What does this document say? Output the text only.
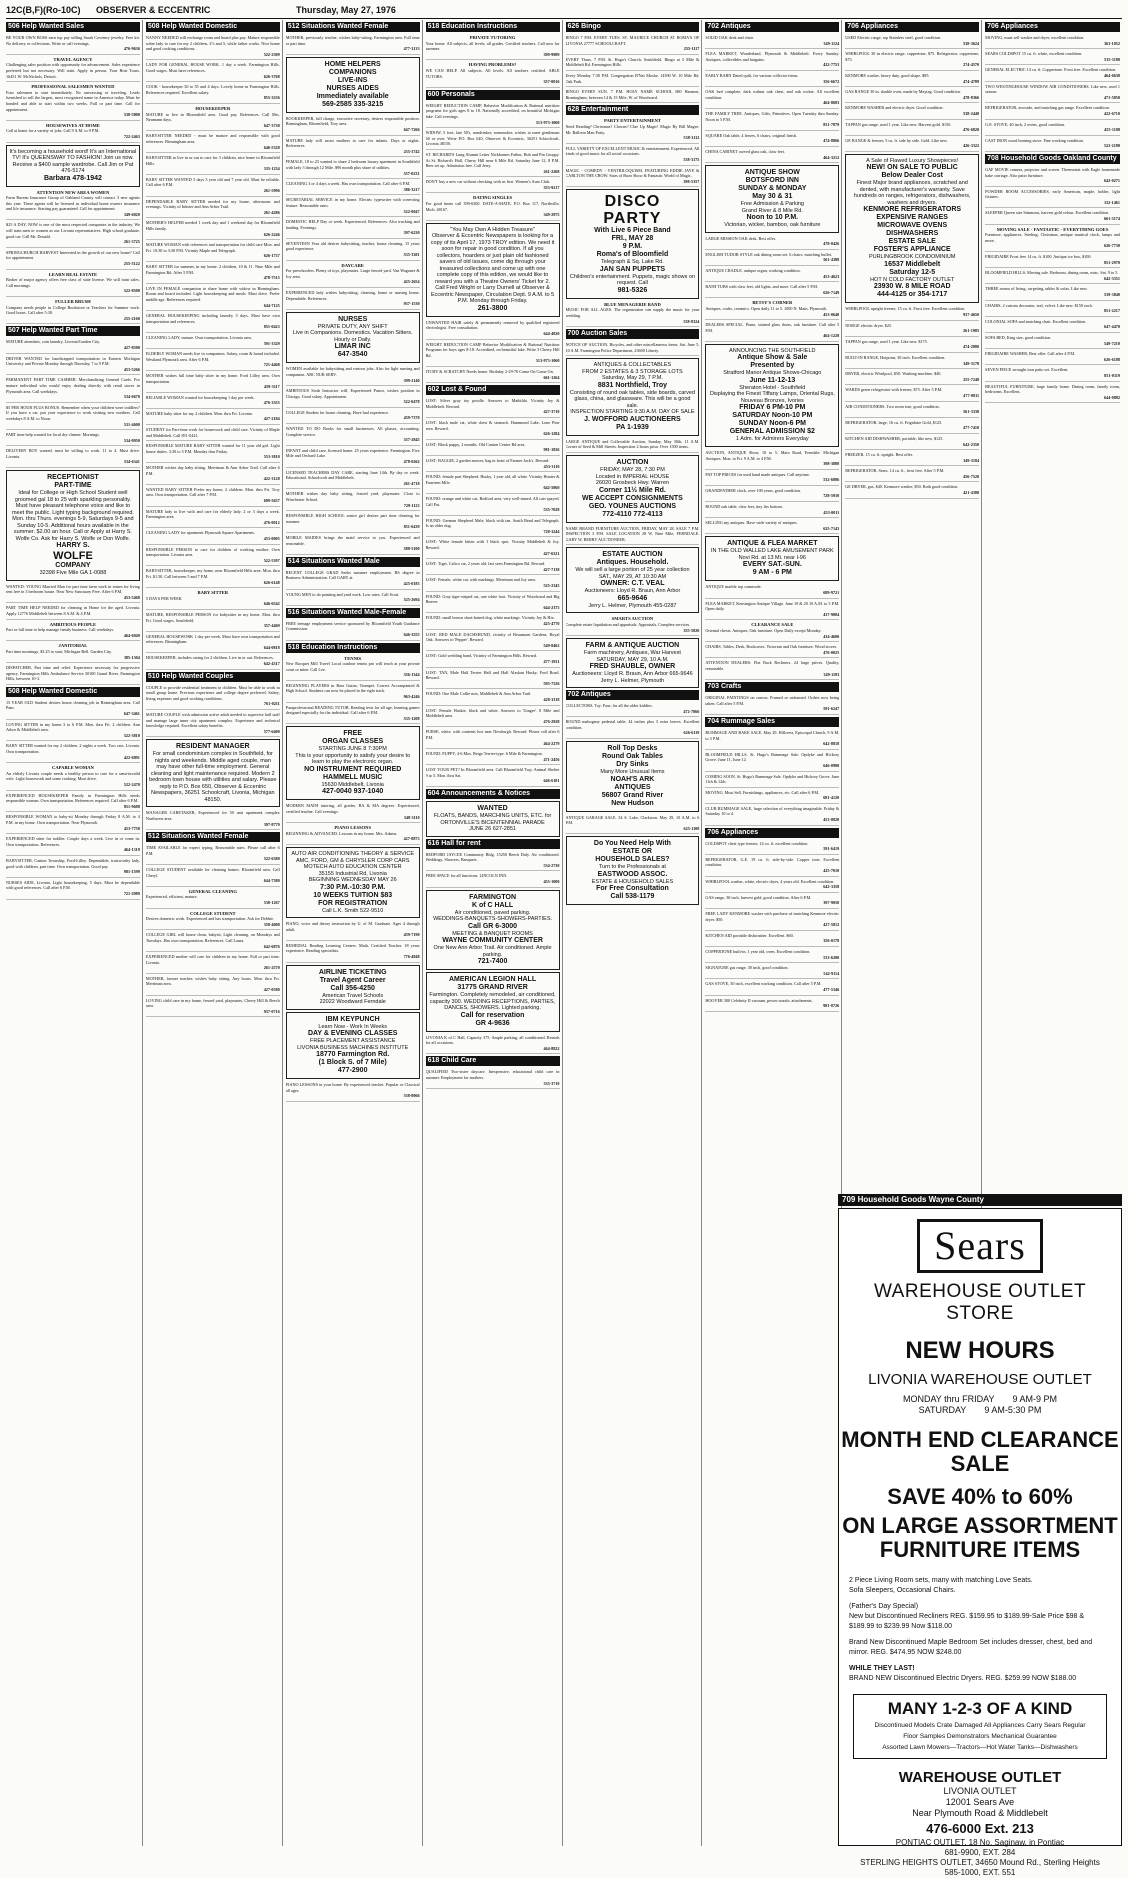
12C(B,F)(Ro-10C) OBSERVER & ECCENTRIC	Thursday, May 27, 1976
506 Help Wanted Sales
BE YOUR OWN BOSS earn top pay selling Sarah Coventry jewelry. Free kit. No delivery or collections. Write or call evenings.
476-9636
TRAVEL AGENCY
Challenging sales position with opportunity for advancement. Sales experience preferred but not necessary. Will train. Apply in person, Your Host Tours, 16451 W. McNichols, Detroit.
PROFESSIONAL SALESMEN WANTED
Four salesmen to start immediately. No canvassing or traveling. Leads furnished to sell the largest, most recognized name in America today. Must be bonded and able to start within two weeks. Full or part time. Call for appointment.
538-5800
HOUSEWIVES AT HOME
Call at home for a variety of jobs. Call 9 A.M. to 9 P.M.
722-2463
It's becoming a household word! It's an International TV! It's QUEENSWAY TO FASHION! Join us now. Receive a $400 sample wardrobe. Call Jim or Pat 476-5174
Barbara 478-1942
ATTENTION NEW AREA WOMEN
Farm Bureau Insurance Group of Oakland County will contact 3 new agents this year. These agents will be licensed as individual home owners insurance and life insurance. Starting pay guaranteed. Call for appointment.
349-6020
$25 A DAY, NOW is one of the most respected companies in the industry. We will train men or women as our Livonia representatives. High school graduate, good car. Call Mr. Donald.
261-3725
SPRINGCHURCH HARVEST Interested in the growth of our new home? Call for appointment.
255-5122
LEARN REAL ESTATE
Broker of major agency offers free class of state license. We will train sales. Call mornings.
522-8500
FULLER BRUSH
Company needs people in College Bookstore or Teachers for Summer work. Good hours. Call after 5:30.
255-2160
507 Help Wanted Part Time
MATURE attendant, coin laundry, Livonia/Garden City.
427-8580
DRIVER WANTED for handicapped transportation in Eastern Michigan University and Private Monday through Thursday, 7 to 9 P.M.
453-5266
PERMANENT PART TIME CASHIER. Merchandising General Cards. For mature individual who would enjoy dealing directly with retail stores in Plymouth area. Call weekdays.
534-6670
$5 PER HOUR PLUS BONUS. Remember when your children were toddlers? If you have a car, put your experience to work visiting new mothers. Call weekdays 8 A.M. to Noon.
531-4600
PART time help wanted for local dry cleaner. Mornings.
534-0950
DELIVERY BOY wanted, must be willing to work. 11 to 4. Must drive. Livonia.
534-6341
RECEPTIONIST
PART-TIME
Ideal for College or High School Student well groomed gal 18 to 25 with sparkling personality. Must have pleasant telephone voice and like to meet the public. Light typing background required. Mon. thru Thurs. evenings 5-9, Saturdays 9-5 and Sunday 10-5. Additional hours available in the summer. $2.00 an hour. Call or Apply at Harry S. Wolfe Co. Ask for Harry S. Wolfe or Don Wolfe.
HARRY S.
WOLFE
COMPANY
32398 Five Mile GA 1-0088
WANTED: YOUNG Married Man for part time farm work in return for living rent free in 3 bedroom house. Near New Sanctuary Free. After 6 P.M.
453-5468
PART TIME HELP NEEDED for cleaning in Home for the aged. Livonia. Apply 12776 Middlebelt between 8 A.M. & 4 P.M.
AMBITIOUS PEOPLE
Part or full time to help manage family business. Call weekdays.
464-6949
JANITORIAL
Part time mornings, $3.25 to start, Michigan Bell. Garden City.
385-1304
DISPATCHER, Part time and relief. Experience necessary for progressive agency. Farmington Hills Ambulance Service 30100 Grand River, Farmington Hills, between 10-3.
508 Help Wanted Domestic
15 YEAR OLD Student desires house cleaning job in Birmingham area. Call Pam.
647-3461
LOVING SITTER in my home 3 to 6 P.M. Mon. thru Fri. 2 children. Ann Arbor & Middlebelt area.
522-3810
BABY SITTER wanted for my 2 children. 2 nights a week. Two cars. Livonia. Own transportation.
422-6891
CAPABLE WOMAN
An elderly Livonia couple needs a healthy person to care for a semi-invalid wife. Light housework and some cooking. Must drive.
522-2470
EXPERIENCED HOUSEKEEPER Family in Farmington Hills needs responsible woman. Own transportation. References required. Call after 6 P.M.
851-9688
RESPONSIBLE WOMAN to baby-sit Monday through Friday 8 A.M. to 4 P.M. in my home. Own transportation. Near Plymouth.
453-7750
EXPERIENCED sitter for toddler. Couple days a week. Live in or come in. Own transportation. References.
464-1319
BABYSITTER, Canton Township, Ford-Lilley. Dependable, trustworthy lady, good with children, part time. Own transportation. Good pay.
981-1599
NURSES AIDE, Livonia. Light housekeeping, 5 days. Must be dependable with good references. Call after 6 P.M.
721-2989
508 Help Wanted Domestic
NANNY NEEDED will exchange room and board plus pay. Mature responsible sober lady to care for my 2 children, 2½ and 5, while father works. Nice home and good cooking conditions.
522-2309
LADY FOR GENERAL HOUSE WORK. 1 day a week. Farmington Hills. Good wages. Must have references.
626-3768
COOK - housekeeper 30 to 55 and 4 days. Lovely home in Farmington Hills. References required. Excellent salary.
855-3236
HOUSEKEEPER
MATURE to live in Bloomfield area. Good pay. References. Call Mrs. Neumann days.
647-3730
BABYSITTER NEEDED - must be mature and responsible with good references. Birmingham area.
646-5328
BABYSITTER to live in or out to care for 3 children, nice home in Bloomfield Hills.
335-1234
BABY SITTER WANTED 3 days 3 year old and 7 year old. Must be reliable. Call after 6 P.M.
261-5996
DEPENDABLE BABY SITTER needed for my home, afternoons and evenings. Vicinity of Inkster and Ann Arbor Trail.
261-4286
MOTHER'S HELPER needed 1 week day and 1 weekend day for Bloomfield Hills family.
626-2246
MATURE WOMAN with references and transportation for child care Mon. and Fri. 10:30 to 3:30 P.M. Vicinity Maple and Telegraph.
626-1737
BABY SITTER for summer, in my home. 2 children, 10 & 11. Nine Mile and Farmington Rd. After 5 P.M.
478-7515
LIVE IN FEMALE companion to share home with widow in Birmingham. Room and board included. Light housekeeping and meals. Must drive. Prefer middle age. References required.
644-7125
GENERAL HOUSEKEEPING including laundry 3 days. Must have own transportation and references.
851-0423
CLEANING LADY, mature. Own transportation. Livonia area.
591-3329
ELDERLY WOMAN needs live in companion. Salary, room & board included. Westland Plymouth area. After 6 P.M.
721-4468
MOTHER wishes full time baby sitter in my home. Ford Lilley area. Own transportation.
459-3117
RELIABLE WOMAN wanted for housekeeping 1 day per week.
476-3355
MATURE baby sitter for my 2 children. Mon. thru Fri. Livonia.
427-2184
STUDENT for Part-time work for housework and child care. Vicinity of Maple and Middlebelt. Call 851-0441.
RESPONSIBLE MATURE BABY SITTER wanted for 11 year old girl. Light house duties. 3:30 to 5 P.M. Monday thru Friday.
553-3810
MOTHER wishes day baby sitting. Merriman & Ann Arbor Trail. Call after 6 P.M.
422-3128
WANTED BABY SITTER Prefer my home, 2 children. Mon. thru Fri. Troy area. Own transportation. Call after 7 P.M.
689-5637
MATURE lady to live with and care for elderly lady. 2 or 3 days a week. Farmington area.
476-0012
CLEANING LADY for apartment Plymouth Square Apartments.
453-0005
RESPONSIBLE PERSON to care for children of working mother. Own transportation. Livonia area.
522-5397
BABYSITTER, housekeeper, my home, near Bloomfield Hills area. Mon. thru Fri. $1.50. Call between 5 and 7 P.M.
626-6148
BABY SITTER
5 DAYS PER WEEK
646-6542
MATURE, RESPONSIBLE PERSON for babysitter in my home. Mon. thru Fri. Good wages. Southfield.
357-4469
GENERAL HOUSEWORK 1 day per week. Must have own transportation and references. Birmingham.
644-0818
HOUSEKEEPER, includes caring for 2 children. Live in or out. References.
642-4317
510 Help Wanted Couples
COUPLE to provide residential treatment to children. Must be able to work in small group home. Previous experience and college degree preferred. Salary, living expenses and good working conditions.
761-0211
MATURE COUPLE wish admission active adult needed to supervise hall staff and manage large inner city apartment complex. Experience and technical knowledge required. Excellent salary benefits.
577-6400
RESIDENT MANAGER
For small condominium complex in Southfield, for nights and weekends. Middle aged couple, man may have other full-time employment. General cleaning and light maintenance required. Modern 2 bedroom town house with utilities and salary. Please reply to P.O. Box 650, Observer & Eccentric Newspapers, 36251 Schoolcraft, Livonia, Michigan 48150.
MANAGER CARETAKER, Experienced for 50 unit apartment complex Northwest area.
397-8770
512 Situations Wanted Female
TIME AVAILABLE for expert typing. Reasonable rates. Please call after 6 P.M.
522-6380
COLLEGE STUDENT available for cleaning homes. Bloomfield area. Call Cheryl.
644-7380
GENERAL CLEANING
Experienced, efficient, mature.
538-1267
COLLEGE STUDENT
Desires domestic work. Experienced and has transportation. Ask for Debbie.
358-4008
COLLEGE GIRL will house clean, babysit, Light cleaning, on Mondays and Tuesdays. Has own transportation. References. Call Laura.
642-6876
EXPERIENCED mother will care for children in my home. Full or part time. Livonia.
261-2570
MOTHER, former teacher, wishes baby sitting. Any hours. Mon. thru Fri. Merriman area.
427-0580
LOVING child care in my home, fenced yard, playmates, Cherry Hill & Beech area.
937-0716
512 Situations Wanted Female
MOTHER, previously teacher, wishes baby-sitting. Farmington area. Full time or part time.
477-3133
HOME HELPERS
COMPANIONS
LIVE-INS
NURSES AIDES
Immediately available
569-2585 335-3215
BOOKKEEPER, full charge, executive secretary, desires responsible position. Birmingham, Bloomfield, Troy area.
647-7266
MATURE lady will assist mothers to care for infants. Days or nights. References.
255-3742
FEMALE, 18 to 23 wanted to share 2 bedroom luxury apartment in Southfield with lady 3 through 12 Mile. $90 month plus share of utilities.
557-0231
CLEANING 3 or 4 days a week. Has own transportation. Call after 6 P.M.
386-3217
SECRETARIAL SERVICE in my home. Electric typewriter with correcting feature. Reasonable rates.
522-0047
DOMESTIC HELP Day or week. Experienced, References. Also trucking and hauling. Evenings.
397-6230
SEVENTEEN Year old desires babysitting, teacher, house cleaning. 15 years good experience.
535-3381
DAYCARE
For preschoolers. Plenty of toys, playmates. Large fenced yard. Van Wagoner & Joy area.
425-2654
EXPERIENCED lady wishes babysitting, cleaning, home or nursing home. Dependable. References.
937-1530
NURSES
PRIVATE DUTY, ANY SHIFT
Live in Companions. Domestics. Vacation Sitters. Hourly or Daily.
LIMAR INC
647-3540
WOMEN available for babysitting and various jobs. Also for light nursing and companion. ABC NUR SERV.
399-2140
AMBITIOUS Sixth Instructor will, Experienced Pastor, wishes position in Chicago. Good salary. Appointment.
522-0478
COLLEGE Student for house cleaning. Have had experience.
459-7370
WANTED TO DO Books for small businesses. All phases, accounting. Complete service.
357-2845
INFANT and child care, licensed home. 25 years experience. Farmington. Five Mile and Orchard Lake.
478-0262
LICENSED TEACHERS DAY CARE, starting June 14th. By day or week. Educational. Schoolcraft and Middlebelt.
261-4718
MOTHER wishes day baby sitting, fenced yard, playmates. Close to Winchester School.
729-1123
RESPONSIBLE HIGH SCHOOL senior girl desires part time cleaning for summer.
851-6439
MOBILE MAIDES brings the maid service to you. Experienced and reasonable.
588-5100
514 Situations Wanted Male
RECENT COLLEGE GRAD Seeks summer employment. BS degree in Business Administration. Call GARY at
425-0183
YOUNG MEN to do painting and yard work. Low rates. Call Scott.
525-2694
516 Situations Wanted Male-Female
FREE teenage employment service sponsored by Bloomfield Youth Guidance Commission.
646-3555
518 Education Instructions
TENNIS
New Racquet Mill Travel Local outdoor tennis pro will teach at your private court or mine. Call Lee.
356-1344
BEGINNING PLAYERS in Bass Guitar, Trumpet. Correct Accompanied & High School. Students can now be placed in the right track.
963-4246
Paraprofessional READING TUTOR. Reading tests for all age, learning games designed especially for the individual. Call after 6 P.M.
535-1208
FREE
ORGAN CLASSES
STARTING JUNE 8 7:30PM
This is your opportunity to satisfy your desire to learn to play the electronic organ.
NO INSTRUMENT REQUIRED
HAMMELL MUSIC
15630 Middlebelt, Livonia
427-0040 937-1040
MODERN MATH tutoring, all grades. BA & MA degrees. Experienced, certified teacher. Call evenings.
348-3110
PIANO LESSONS
BEGINNING & ADVANCED. Lessons in my home. Mrs. Adams.
427-8873
AUTO AIR CONDITIONING THEORY & SERVICE
AMC, FORD, GM & CHRYSLER CORP CARS
MOTECH AUTO EDUCATION CENTER
35155 Industrial Rd, Livonia
BEGINNING WEDNESDAY MAY 26
7:30 P.M.-10:30 P.M.
10 WEEKS TUITION $83
FOR REGISTRATION
Call L.K. Smith 522-9510
PIANO, voice and theory instruction by U. of M. Graduate. Ages 4 through adult.
459-7190
REMEDIAL Reading Learning Centers. Math, Certified Teacher. 18 years experience. Reading specialists.
776-4848
AIRLINE TICKETING
Travel Agent Career
Call 356-4250
American Travel Schools
22022 Woodward Ferndale
IBM KEYPUNCH
Learn Now - Work In Weeks
DAY & EVENING CLASSES
FREE PLACEMENT ASSISTANCE
LIVONIA BUSINESS MACHINES INSTITUTE
18770 Farmington Rd.
(1 Block S. of 7 Mile)
477-2900
PIANO LESSONS in your home. By experienced teacher. Popular or Classical all ages.
538-8066
518 Education Instructions
PRIVATE TUTORING
Your home. All subjects, all levels, all grades. Certified teachers. Call now for summer.
399-9989
HAVING PROBLEMS?
WE CAN HELP. All subjects. All levels. All teachers certified. ABLE TUTORS.
357-0016
600 Personals
WEIGHT REDUCTION CAMP, Behavior Modification & Rational nutrition programs for girls ages 8 to 18. Nationally accredited, on beautiful Michigan lake. Call evenings.
313-973-1060
WIDOW, 5 foot, late 50's, nondrinker, nonsmoker, wishes to meet gentleman 60 or over. Write P.O. Box 640, Observer & Eccentric, 36251 Schoolcraft, Livonia 48150.
ST. RICHARD'S Lung Alumni Letter Nickbarnes Father, Bob and Pin Groppy. At St. Richard's Hall, Cherry Hill near 6 Mile Rd. Saturday June 12, 8 P.M. Beer set up. Admission free. Call Jerry.
261-2268
DON'T buy a new car without checking with us first. Women's Auto Club.
353-9217
DATING SINGLES
For good times call 399-6500. DATE-A-MATE, P.O. Box 117, Northville, Mich. 48167.
349-2975
"You May Own A Hidden Treasure"
Observer & Eccentric Newspapers is looking for a copy of its April 17, 1973 TROY edition. We need it soon for repair in good condition. If all you collectors, hoarders or just plain old fashioned savers of old issues, come dig through your treasured collections and come up with one complete copy of this edition, we would like to reward you with a Theatre Owners' Ticket for 2.
Call Fred Wright or Larry Durnell at Observer & Eccentric Newspaper, Circulation Dept. 9 A.M. to 5 P.M. Monday through Friday.
261-3800
UNWANTED HAIR safely & permanently removed by qualified registered electrologist. Free consultation.
644-4820
WEIGHT REDUCTION CAMP Behavior Modification & Rational Nutrition Programs for boys ages 8-18. Accredited, on beautiful lake. Write 3 Cherry Hill Rd.
313-973-1060
ITCHY & SCRATCHY Needs home. Birthday 2-29-76 Come On Come On.
661-1264
602 Lost & Found
LOST: Silver gray toy poodle. Answers to Mathilda. Vicinity Joy & Middlebelt. Reward.
427-3710
LOST: black male cat, white chest & stomach. Hammond Lake, Lone Pine area. Reward.
626-1284
LOST: Black puppy, 2 months. Old Canton Center Rd area.
981-1826
LOST: BAGGIE, 2 garden mower, bag in front of Farmer Jack's. Reward.
453-3110
FOUND: female part Shepherd. Husky, 1 year old, all white. Vicinity Hunter & Fourteen Mile.
642-5860
FOUND: orange and white cat, Redford area, very well-tamed. All cats spayed. Call Pat.
535-7028
FOUND: German Shepherd Male, black with tan. South Bend and Telegraph. Is an older dog.
728-3244
LOST: White female kitten with 1 black spot. Vicinity Middlebelt & Joy. Reward.
427-6521
LOST: Tiger, Calico cat, 2 years old, last seen Farmington Rd. Reward.
427-7138
LOST: Female, white cat, with markings. Merriman and Joy area.
525-2345
FOUND: Gray tiger-striped cat, one white foot. Vicinity of Woodward and Big Beaver.
644-2375
FOUND: small brown short-haired dog, white markings. Vicinity Joy & Hix.
425-4770
LOST: RED MALE DACHSHUND, vicinity of Beaumont Gardens, Royal Oak. Answers to 'Pepper'. Reward.
549-8462
LOST: Gold wedding band, Vicinity of Farmington Hills. Reward.
477-1931
LOST: TAN, Male Half Terrier Half and Half Alaskan Husky. Ford Road. Reward.
595-7526
FOUND: One Male Collie mix, Middlebelt & Ann Arbor Trail.
428-3318
LOST: Female Huskie, black and white. Answers to 'Ginger'. 8 Mile and Middlebelt area.
476-2928
PURSE, white, with contents lost near Newburgh. Reward. Please call after 6 P.M.
464-2279
FOUND: PUPPY, 4-6 Mos. Beige Terrier-type. 6 Mile & Farmington.
471-2456
LOST YOUR PET? In Bloomfield area. Call Bloomfield Twp. Animal Shelter 9 to 5. Mon. thru Sat.
646-6181
604 Announcements & Notices
WANTED
FLOATS, BANDS, MARCHING UNITS, ETC. for ORTONVILLE'S BICENTENNIAL PARADE
JUNE 26 627-2851
616 Hall for rent
REDFORD JAYCEE Community Bldg. 15250 Beech Daly. Air conditioned. Weddings, Showers, Banquets.
534-2730
FREE SPACE for all functions. LINCOLN INN.
455-1000
FARMINGTON
K of C HALL
Air conditioned, paved parking.
WEDDINGS-BANQUETS-SHOWERS-PARTIES.
Call GR 6-3000
MEETING & BANQUET ROOMS
WAYNE COMMUNITY CENTER
One New Ann Arbor Trail. Air conditioned. Ample parking.
721-7400
AMERICAN LEGION HALL
31775 GRAND RIVER
Farmington. Completely remodeled, air conditioned, capacity 300. WEDDING RECEPTIONS, PARTIES, DANCES, SHOWERS. Lighted parking.
Call for reservation
GR 4-9636
LIVONIA K of C Hall, Capacity 375. Ample parking, all conditioned. Rentals for all occasions.
464-8822
618 Child Care
QUALIFIED Two-sister daycare. Inexpensive, educational child care in summer. Employment for mothers.
335-3710
626 Bingo
BINGO 7 P.M. EVERY TUES. ST. MAURICE CHURCH AT ROMA'S OF LIVONIA 27777 SCHOOLCRAFT.
255-1117
EVERY Thurs. 7 P.M. St. Hugo's Church, Southfield. Bingo at 3 Mile & Middlebelt Rd. Farmington Hills.
Every Monday 7:30 P.M. Congregation B'Nai Moshe, 14390 W. 10 Mile Rd. Oak Park.
BINGO EVERY SUN. 7 P.M. HOLY NAME SCHOOL 680 Harmon, Birmingham, between 14 & 15 Mile, W. of Woodward.
628 Entertainment
PARTY ENTERTAINMENT
Need Reading? Christmas? Clowns? Clue Up Magic! Magic By Bill Magee. Mr. Balloon Man Party.
538-3112
FULL VARIETY OF EXCELLENT MUSIC & entertainment. Experienced, All kinds of good music for all social occasions.
538-3175
MAGIC - COMEDY - VENTRILOQUISM. FEATURING EDDIE JAYE & CARLTON THE CROW. Stars of Bozo Show & Fantastic World of Magic.
398-5357
DISCO
PARTY
With Live 6 Piece Band
FRI., MAY 28
9 P.M.
Roma's of Bloomfield
Telegraph & Sq. Lake Rd.
JAN SAN PUPPETS
Children's entertainment. Puppets, magic shows on request. Call
981-5326
BLUE MENAGERIE BAND
MUSIC FOR ALL AGES. The organization can supply the music for your wedding.
538-8324
700 Auction Sales
NOTICE OF AUCTION. Bicycles, and other miscellaneous items. Sat. June 5, 10 A.M. Farmington Police Department, 23600 Liberty.
ANTIQUES & COLLECTABLES
FROM 2 ESTATES & 3 STORAGE LOTS
Saturday, May 29, 7 P.M.
8831 Northfield, Troy
Consisting of round oak tables, side boards, carved glass, china, and glassware. This will be a good sale.
INSPECTION STARTING 9:30 A.M. DAY OF SALE
J. WOFFORD AUCTIONEERS
PA 1-1939
LARGE ANTIQUE and Collectable Auction, Sunday, May 30th, 11 A.M. Corner of Seed & Mill Streets. Inspection 2 hours prior. Over 1500 items.
AUCTION
FRIDAY, MAY 28, 7:30 PM
Located in IMPERIAL HOUSE
26020 Grosbeck Hwy. Warren
Corner 11½ Mile Rd.
WE ACCEPT CONSIGNMENTS
GEO. YOUNES AUCTIONS
772-4110 772-4113
NAME BRAND FURNITURE AUCTION. FRIDAY, MAY 28. SALE 7 P.M. INSPECTION 3 P.M. SALE LOCATION 28 W. Nine Mile, FERNDALE. GARY W. BERRY AUCTIONEER.
ESTATE AUCTION
Antiques. Household.
We will sell a large portion of 25 year collection
SAT., MAY 29, AT 10:30 AM
OWNER: C.T. VEAL
Auctioneers: Lloyd R. Braun, Ann Arbor
665-9646
Jerry L. Helmer, Plymouth 455-0287
SMARTS AUCTION
Complete estate liquidation and appraisals. Appraisals. Complete services.
355-5820
FARM & ANTIQUE AUCTION
Farm machinery, Antiques, War Harvest
SATURDAY, MAY 29, 10 A.M.
FRED SHAUBLE, OWNER
Auctioneers: Lloyd R. Braun, Ann Arbor 665-9646
Jerry L. Helmer, Plymouth
702 Antiques
COLLECTORS. Toy. Four, for all the older kiddies.
472-7866
ROUND mahogany pedestal table, 44 inches plus 3 extra leaves. Excellent condition.
626-6119
Roll Top Desks
Round Oak Tables
Dry Sinks
Many More Unusual Items
NOAH'S ARK
ANTIQUES
56807 Grand River
New Hudson
ANTIQUE GARAGE SALE. 34 S. Lake, Clarkston. May 29, 10 A.M. to 6 P.M.
625-1108
Do You Need Help With
ESTATE OR
HOUSEHOLD SALES?
Turn to the Professionals at
EASTWOOD ASSOC.
ESTATE & HOUSEHOLD SALES
For Free Consultation
Call 538-1179
702 Antiques
SOLID OAK desk and chair.
349-1124
FLEA MARKET, Wonderland, Plymouth & Middlebelt. Every Sunday. Antiques, collectibles and bargains.
422-7753
EARLY BARN Dated quilt, for various collector items.
356-6672
OAK bed complete, dark walnut oak chest, and oak rocker. All excellent condition.
464-8683
THE FAMILY TREE. Antiques, Gifts, Primitives. Open Tuesday thru Sunday. Noon to 5 P.M.
851-7879
SQUARE Oak table, 4 leaves, 6 chairs, original finish.
474-8866
CHINA CABINET curved glass oak, claw feet.
464-3212
ANTIQUE SHOW
BOTSFORD INN
SUNDAY & MONDAY
May 30 & 31
Free Admission & Parking
Grand River & 8 Mile Rd.
Noon to 10 P.M.
Victorian, wicker, bamboo, oak furniture
LARGE MISSION OAK desk. Best offer.
478-0426
ENGLISH TUDOR STYLE oak dining room set. 6 chairs, matching buffet.
561-4388
ANTIQUE CRADLE, antique organ, working condition.
453-4623
BATH TUBS with claw feet, old lights, and more. Call after 5 P.M.
626-7149
BETSY'S CORNER
Antiques, crafts, ceramics. Open daily 11 to 5. 1000 N. Main, Plymouth.
453-0640
DEALERS SPECIAL. Piano, stained glass doors, oak furniture. Call after 5 P.M.
464-1228
ANNOUNCING THE SOUTHFIELD
Antique Show & Sale
Presented by
Stratford Manor Antique Shows-Chicago
June 11-12-13
Sheraton Hotel - Southfield
Displaying the Finest Tiffany Lamps, Oriental Rugs, Nouveau Bronzes, Ivories
FRIDAY 6 PM-10 PM
SATURDAY Noon-10 PM
SUNDAY Noon-6 PM
GENERAL ADMISSION $2
1 Adm. for Admirers Everyday
AUCTION, ANTIQUE Show, 10 to 5. Main Road, Ferndale. Michigan Antiques. Mon. to Fri. 9 A.M. to 4 P.M.
398-3880
PAT TOP PRICES for used hand made antiques. Call anytime.
532-6886
GRANDFATHER clock, over 100 years, good condition.
728-5910
ROUND oak table, claw feet, tiny fits bottom.
453-0011
SELLING my antiques. Have wide variety of antiques.
625-7143
ANTIQUE & FLEA MARKET
IN THE OLD WALLED LAKE AMUSEMENT PARK
Novi Rd. at 13 Mi. near I-96
EVERY SAT.-SUN.
9 AM - 6 PM
ANTIQUE marble top commode.
689-9721
FLEA MARKET, Kensington Antique Village. June 19 & 20 10 A.M. to 5 P.M. Open daily.
437-9004
CLEARANCE SALE
Oriental chests. Antiques, Oak furniture. Open Daily except Monday.
434-4600
CHAIRS, Tables, Desk, Bookcases. Victorian and Oak furniture. Wood stoves.
476-0025
ATTENTION DEALERS: Flat Back Recliners. 24 large pieces. Quality, reasonable.
349-1183
703 Crafts
ORIGINAL PAINTINGS on canvas. Framed or unframed. Orders now being taken. Call after 5 P.M.
591-6247
704 Rummage Sales
RUMMAGE AND BAKE SALE, May 29. Hillcrest, Episcopal Church, 9 A.M. to 3 P.M.
642-8818
BLOOMFIELD HILLS. St. Hugo's Rummage Sale. Opdyke and Hickory Grove. June 11, June 12.
646-0980
COMING SOON. St. Hugo's Rummage Sale. Opdyke and Hickory Grove. June 11th & 12th.
MOVING. Must Sell. Furnishings, appliances, etc. Call after 6 P.M.
681-4120
CLUB RUMMAGE SALE, large selection of everything imaginable. Friday & Saturday 10 to 4.
453-8820
706 Appliances
COLDSPOT chest type freezer, 14 cu. ft. excellent condition.
591-6419
REFRIGERATOR, G.E. 19 cu. ft. side-by-side. Copper tone. Excellent condition.
425-7010
WHIRLPOOL washer, white, electric dryer, 4 years old. Excellent condition.
642-3358
GAS range, 30 inch, harvest gold, good condition. After 6 P.M.
397-9050
FREE LADY KENMORE washer with purchase of matching Kenmore electric dryer. $50.
427-5812
KITCHEN AID portable dishwasher. Excellent. $60.
356-0178
COPPERTONE built-in, 1 year old, oven. Excellent condition.
533-6200
SIGNATURE gas range, 30 inch, good condition.
542-9114
GAS STOVE, 30 inch, excellent working condition. Call after 5 P.M.
477-5346
HOOVER 300 Celebrity II vacuum, power nozzle, attachments.
981-0726
706 Appliances
USED Electric range, top Stainless steel, good condition.
538-3624
WHIRLPOOL 30 in electric range, coppertone, $75. Refrigerator, coppertone, $75.
274-4570
KENMORE washer, heavy duty, good shape. $85.
474-4789
GAS RANGE 30 in. double oven, made by Maytag. Good condition.
478-8366
KENMORE WASHER and electric dryer. Good condition.
538-2440
TAPPAN gas range, used 1 year. Like new. Harvest gold. $150.
476-6820
GE RANGE & freezer, 5 cu. ft. side by side. Gold. Like new.
426-3322
A Sale of Flawed Luxury Showpieces!
NEW! ON SALE TO PUBLIC
Below Dealer Cost
Finest Major brand appliances, scratched and dented, with manufacturer's warranty. Save hundreds on ranges, refrigerators, dishwashers, washers and dryers.
KENMORE REFRIGERATORS
EXPENSIVE RANGES
MICROWAVE OVENS
DISHWASHERS
ESTATE SALE
FOSTER'S APPLIANCE
PURLINGBROOK CONDOMINIUM
16537 Middlebelt
Saturday 12-5
HOT N COLD FACTORY OUTLET
23930 W. 8 MILE ROAD
444-4125 or 354-1717
WHIRLPOOL upright freezer, 15 cu. ft. Frost free. Excellent condition.
937-4650
NORGE electric dryer. $25.
261-1985
TAPPAN gas range, used 1 year. Like new. $175.
474-2880
BUILT-IN RANGE, Hotpoint, 30 inch. Excellent condition.
349-3178
DRYER, electric Whirlpool, $50. Washing machine, $40.
255-7248
WARDS green refrigerator with freezer, $75. After 5 P.M.
477-0811
AIR CONDITIONERS, Two room size, good condition.
561-3330
REFRIGERATOR, large, 16 cu. ft. Frigidaire Gold, $125.
477-7410
KITCHEN AID DISHWASHER, portable, like new, $125.
642-2350
FREEZER, 15 cu. ft. upright. Best offer.
349-3184
REFRIGERATOR, Sears, 14 cu. ft., frost free. After 5 P.M.
456-7520
GE DRYER, gas, $40. Kenmore washer, $50. Both good condition.
421-4380
706 Appliances
MOVING, must sell washer and dryer, excellent condition.
363-1052
SEARS COLDSPOT 15 cu. ft. white, excellent condition.
535-1180
GENERAL ELECTRIC 14 cu. ft. Coppertone. Frost free. Excellent condition.
464-6638
TWO WESTINGHOUSE WINDOW AIR CONDITIONERS. Like new, used 1 season.
471-5850
REFRIGERATOR, avocado, and matching gas range. Excellent condition.
422-6710
G.E. STOVE, 40 inch, 2 ovens, good condition.
455-1108
CAST IRON wood burning stove. Fine working condition.
522-2180
708 Household Goods Oakland County
GAF MOVIE camera, projector and screen. Thermostat with Eagle homemade bake carriage. Also patio furniture.
642-0271
POWDER ROOM ACCESSORIES, early American, maple, holder, light fixtures.
332-1461
SLEEPER Queen size Simmons, harvest gold velour. Excellent condition.
661-3174
MOVING SALE - FANTASTIC - EVERYTHING GOES
Furniture, appliances. Sterling, Christmas, antique nautical clock, lamps and more.
626-7730
FRIGIDAIRE Frost free 14 cu. ft. $100. Antique ice box, $100.
851-2970
BLOOMFIELD HILLS. Moving sale. Bedroom, dining room, misc. Sat. 9 to 5.
642-3351
THREE rooms of living, carpeting, tables & sofas. Like new.
539-3840
CHAIRS, 2 custom decorator, teal, velvet. Like new. $150 each.
851-2217
COLONIAL SOFA and matching chair. Excellent condition.
647-4470
SOFA BED, King size, good condition.
549-7210
FRIGIDAIRE WASHER, Best offer. Call after 4 P.M.
626-6188
SEVEN PIECE wrought iron patio set. Excellent.
851-0119
BEAUTIFUL FURNITURE, large family home. Dining room, family room, bedrooms. Excellent.
644-0882
709 Household Goods Wayne County
Sears
WAREHOUSE OUTLET STORE
NEW HOURS
LIVONIA WAREHOUSE OUTLET
MONDAY thru FRIDAY 9 AM-9 PM
SATURDAY 9 AM-5:30 PM
MONTH END CLEARANCE SALE
SAVE 40% to 60%
ON LARGE ASSORTMENT FURNITURE ITEMS
2 Piece Living Room sets, many with matching Love Seats.
Sofa Sleepers, Occasional Chairs.
(Father's Day Special)
New but Discontinued Recliners REG. $159.95 to $189.99-Sale Price $98 & $189.99 to $239.99 Now $118.00
Brand New Discontinued Maple Bedroom Set includes dresser, chest, bed and mirror. REG. $474.95 NOW $248.00
WHILE THEY LAST!
BRAND NEW Discontinued Electric Dryers. REG. $259.99 NOW $188.00
MANY 1-2-3 OF A KIND
Discontinued Models Crate Damaged All Appliances Carry Sears Regular
Floor Samples Demonstrators Mechanical Guarantee
Assorted Lawn Mowers—Tractors—Hot Water Tanks—Dishwashers
WAREHOUSE OUTLET
LIVONIA OUTLET
12001 Sears Ave
Near Plymouth Road & Middlebelt
476-6000 Ext. 213
PONTIAC OUTLET, 18 No. Saginaw, in Pontiac
681-9900, EXT. 284
STERLING HEIGHTS OUTLET, 34650 Mound Rd., Sterling Heights
585-1000, EXT. 551
